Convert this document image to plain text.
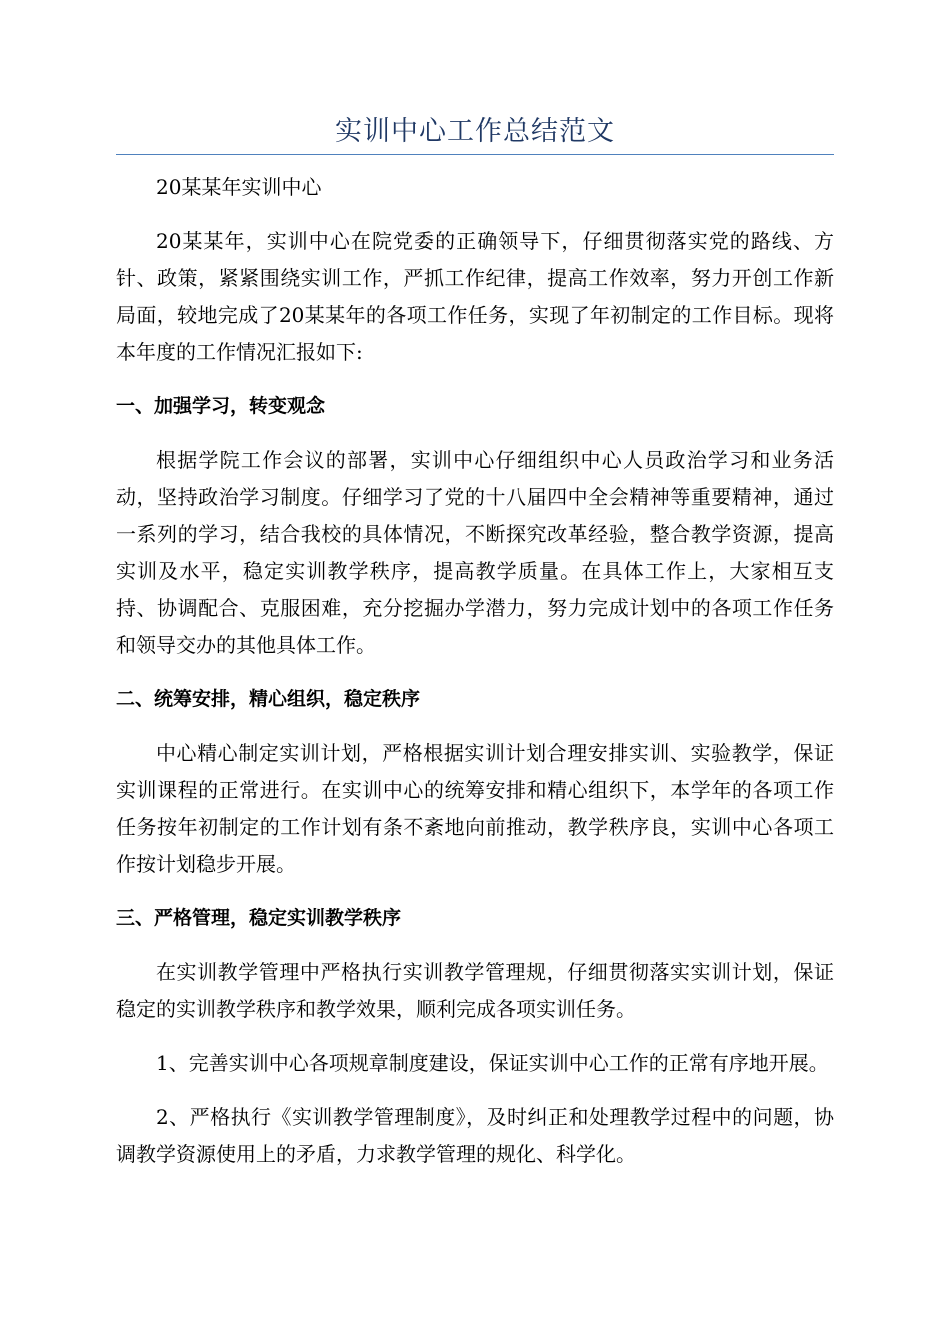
实训中心工作总结范文

20某某年实训中心

20某某年，实训中心在院党委的正确领导下，仔细贯彻落实党的路线、方针、政策，紧紧围绕实训工作，严抓工作纪律，提高工作效率，努力开创工作新局面，较地完成了20某某年的各项工作任务，实现了年初制定的工作目标。现将本年度的工作情况汇报如下:

一、加强学习，转变观念

根据学院工作会议的部署，实训中心仔细组织中心人员政治学习和业务活动，坚持政治学习制度。仔细学习了党的十八届四中全会精神等重要精神，通过一系列的学习，结合我校的具体情况，不断探究改革经验，整合教学资源，提高实训及水平，稳定实训教学秩序，提高教学质量。在具体工作上，大家相互支持、协调配合、克服困难，充分挖掘办学潜力，努力完成计划中的各项工作任务和领导交办的其他具体工作。

二、统筹安排，精心组织，稳定秩序

中心精心制定实训计划，严格根据实训计划合理安排实训、实验教学，保证实训课程的正常进行。在实训中心的统筹安排和精心组织下，本学年的各项工作任务按年初制定的工作计划有条不紊地向前推动，教学秩序良，实训中心各项工作按计划稳步开展。

三、严格管理，稳定实训教学秩序

在实训教学管理中严格执行实训教学管理规，仔细贯彻落实实训计划，保证稳定的实训教学秩序和教学效果，顺利完成各项实训任务。

1、完善实训中心各项规章制度建设，保证实训中心工作的正常有序地开展。

2、严格执行《实训教学管理制度》，及时纠正和处理教学过程中的问题，协调教学资源使用上的矛盾，力求教学管理的规化、科学化。
